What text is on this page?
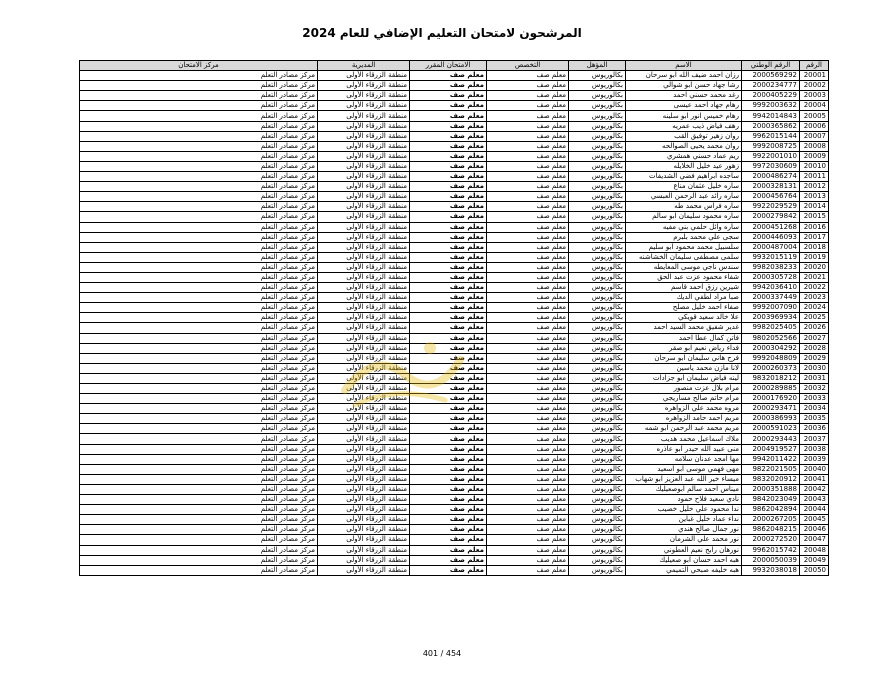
المرشحون لامتحان التعليم الإضافي للعام 2024
الرقم	الرقم الوطني	الاسم	المؤهل	التخصص	الامتحان المقرر	المديرية	مركز الامتحان
20001	2000569292	رزان احمد ضيف الله ابو سرحان	بكالوريوس	معلم صف	معلم صف	منطقة الزرقاء الأولى	مركز مصادر التعلم
20002	2000234777	رشا جهاد حسن ابو شوالي	بكالوريوس	معلم صف	معلم صف	منطقة الزرقاء الأولى	مركز مصادر التعلم
20003	2000405229	رغد محمد حسني احمد	بكالوريوس	معلم صف	معلم صف	منطقة الزرقاء الأولى	مركز مصادر التعلم
20004	9992003632	رهام جهاد احمد عيسى	بكالوريوس	معلم صف	معلم صف	منطقة الزرقاء الأولى	مركز مصادر التعلم
20005	9942014843	رهام خميس انور ابو سلينه	بكالوريوس	معلم صف	معلم صف	منطقة الزرقاء الأولى	مركز مصادر التعلم
20006	2000365862	رهف فياض ذيب عمريه	بكالوريوس	معلم صف	معلم صف	منطقة الزرقاء الأولى	مركز مصادر التعلم
20007	9962015144	روان زهير توفيق القب	بكالوريوس	معلم صف	معلم صف	منطقة الزرقاء الأولى	مركز مصادر التعلم
20008	9992008725	روان محمد يحيى الصوالحه	بكالوريوس	معلم صف	معلم صف	منطقة الزرقاء الأولى	مركز مصادر التعلم
20009	9922001010	ريم عماد حسني همشري	بكالوريوس	معلم صف	معلم صف	منطقة الزرقاء الأولى	مركز مصادر التعلم
20010	9972030609	زهور عيد خليل الخلايله	بكالوريوس	معلم صف	معلم صف	منطقة الزرقاء الأولى	مركز مصادر التعلم
20011	2000486274	ساجده ابراهيم فضي الشديفات	بكالوريوس	معلم صف	معلم صف	منطقة الزرقاء الأولى	مركز مصادر التعلم
20012	2000328131	ساره خليل عثمان مناع	بكالوريوس	معلم صف	معلم صف	منطقة الزرقاء الأولى	مركز مصادر التعلم
20013	2000456764	ساره رائد عبد الرحمن العبسي	بكالوريوس	معلم صف	معلم صف	منطقة الزرقاء الأولى	مركز مصادر التعلم
20014	9922029529	ساره فراس محمد طه	بكالوريوس	معلم صف	معلم صف	منطقة الزرقاء الأولى	مركز مصادر التعلم
20015	2000279842	ساره محمود سليمان ابو سالم	بكالوريوس	معلم صف	معلم صف	منطقة الزرقاء الأولى	مركز مصادر التعلم
20016	2000451268	ساره وائل حلمي بني مفيه	بكالوريوس	معلم صف	معلم صف	منطقة الزرقاء الأولى	مركز مصادر التعلم
20017	2000446093	سجى علي محمد بلبرم	بكالوريوس	معلم صف	معلم صف	منطقة الزرقاء الأولى	مركز مصادر التعلم
20018	2000487004	سلسبيل محمد محمود ابو سليم	بكالوريوس	معلم صف	معلم صف	منطقة الزرقاء الأولى	مركز مصادر التعلم
20019	9932015119	سلمى مصطفى سليمان الخشاشنه	بكالوريوس	معلم صف	معلم صف	منطقة الزرقاء الأولى	مركز مصادر التعلم
20020	9982038233	سندس ناجي موسى المعايطه	بكالوريوس	معلم صف	معلم صف	منطقة الزرقاء الأولى	مركز مصادر التعلم
20021	2000305728	شفاء محمود عزت عبد الحق	بكالوريوس	معلم صف	معلم صف	منطقة الزرقاء الأولى	مركز مصادر التعلم
20022	9942036410	شيرين رزق احمد قاسم	بكالوريوس	معلم صف	معلم صف	منطقة الزرقاء الأولى	مركز مصادر التعلم
20023	2000337449	صبا مراد لطفي الديك	بكالوريوس	معلم صف	معلم صف	منطقة الزرقاء الأولى	مركز مصادر التعلم
20024	9992007090	صفاء احمد خليل مصلح	بكالوريوس	معلم صف	معلم صف	منطقة الزرقاء الأولى	مركز مصادر التعلم
20025	2003969934	علا خالد سعيد قويكي	بكالوريوس	معلم صف	معلم صف	منطقة الزرقاء الأولى	مركز مصادر التعلم
20026	9982025405	غدير شفيق محمد السيد احمد	بكالوريوس	معلم صف	معلم صف	منطقة الزرقاء الأولى	مركز مصادر التعلم
20027	9802052566	فاتن كمال عطا احمد	بكالوريوس	معلم صف	معلم صف	منطقة الزرقاء الأولى	مركز مصادر التعلم
20028	2000304292	فداء رياض نعيم ابو صقر	بكالوريوس	معلم صف	معلم صف	منطقة الزرقاء الأولى	مركز مصادر التعلم
20029	9992048809	فرح هاني سليمان ابو سرحان	بكالوريوس	معلم صف	معلم صف	منطقة الزرقاء الأولى	مركز مصادر التعلم
20030	2000260373	لانا مازن محمد ياسين	بكالوريوس	معلم صف	معلم صف	منطقة الزرقاء الأولى	مركز مصادر التعلم
20031	9832018212	لينه فياض سليمان ابو جزادات	بكالوريوس	معلم صف	معلم صف	منطقة الزرقاء الأولى	مركز مصادر التعلم
20032	2000289885	مرام بلال عزت منصور	بكالوريوس	معلم صف	معلم صف	منطقة الزرقاء الأولى	مركز مصادر التعلم
20033	2000176920	مرام حاتم صالح مساريجي	بكالوريوس	معلم صف	معلم صف	منطقة الزرقاء الأولى	مركز مصادر التعلم
20034	2000293471	مروه محمد علي الزواهره	بكالوريوس	معلم صف	معلم صف	منطقة الزرقاء الأولى	مركز مصادر التعلم
20035	2000386993	مريم احمد حامد الزواهره	بكالوريوس	معلم صف	معلم صف	منطقة الزرقاء الأولى	مركز مصادر التعلم
20036	2000591023	مريم محمد عبد الرحمن ابو شمه	بكالوريوس	معلم صف	معلم صف	منطقة الزرقاء الأولى	مركز مصادر التعلم
20037	2000293443	ملاك اسماعيل محمد هديب	بكالوريوس	معلم صف	معلم صف	منطقة الزرقاء الأولى	مركز مصادر التعلم
20038	2004919527	منى عبيد الله حيدر ابو عاذره	بكالوريوس	معلم صف	معلم صف	منطقة الزرقاء الأولى	مركز مصادر التعلم
20039	9942011422	مها امجد عدنان سلامه	بكالوريوس	معلم صف	معلم صف	منطقة الزرقاء الأولى	مركز مصادر التعلم
20040	9822021505	مهى فهمي موسى ابو اسعيد	بكالوريوس	معلم صف	معلم صف	منطقة الزرقاء الأولى	مركز مصادر التعلم
20041	9832020912	ميساء خير الله عبد العزيز ابو شهاب	بكالوريوس	معلم صف	معلم صف	منطقة الزرقاء الأولى	مركز مصادر التعلم
20042	2000351888	ميناس احمد سالم ابوصعيليك	بكالوريوس	معلم صف	معلم صف	منطقة الزرقاء الأولى	مركز مصادر التعلم
20043	9842023049	نادي سعيد فلاح حمود	بكالوريوس	معلم صف	معلم صف	منطقة الزرقاء الأولى	مركز مصادر التعلم
20044	9862042894	ندا محمود علي خليل خصيب	بكالوريوس	معلم صف	معلم صف	منطقة الزرقاء الأولى	مركز مصادر التعلم
20045	2000267205	نداء عماد خليل غباين	بكالوريوس	معلم صف	معلم صف	منطقة الزرقاء الأولى	مركز مصادر التعلم
20046	9862048215	نور جمال صالح هندي	بكالوريوس	معلم صف	معلم صف	منطقة الزرقاء الأولى	مركز مصادر التعلم
20047	2000272520	نور محمد علي الشرمان	بكالوريوس	معلم صف	معلم صف	منطقة الزرقاء الأولى	مركز مصادر التعلم
20048	9962015742	نورهان رابح نعيم العطوني	بكالوريوس	معلم صف	معلم صف	منطقة الزرقاء الأولى	مركز مصادر التعلم
20049	2000050039	هبه احمد حسان ابو صعيليك	بكالوريوس	معلم صف	معلم صف	منطقة الزرقاء الأولى	مركز مصادر التعلم
20050	9932038018	هبه خليفه صبحي التميمي	بكالوريوس	معلم صف	معلم صف	منطقة الزرقاء الأولى	مركز مصادر التعلم
401 / 454
